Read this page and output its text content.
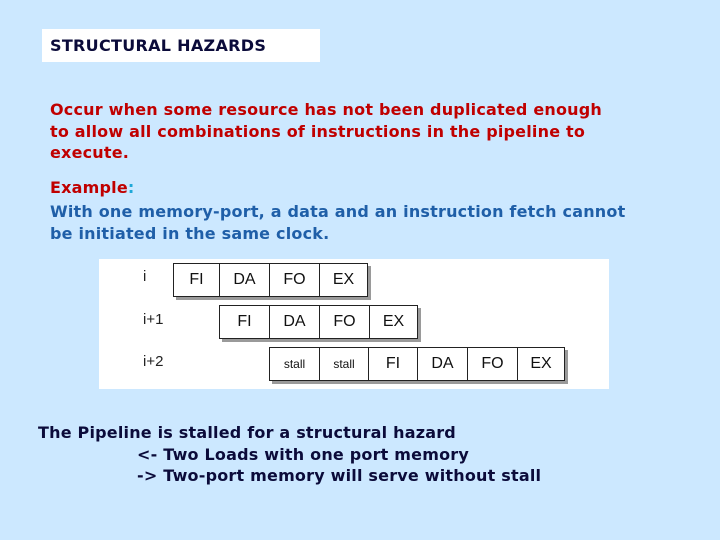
STRUCTURAL HAZARDS
Occur when some resource has not been duplicated enough
to allow all combinations of instructions in the pipeline to
execute.
Example:
With one memory-port, a data and an instruction fetch cannot
be initiated in the same clock.
i	FI	DA	FO	EX
i+1	FI	DA	FO	EX
i+2	stall	stall	FI	DA	FO	EX
The Pipeline is stalled for a structural hazard
<- Two Loads with one port memory
-> Two-port memory will serve without stall
